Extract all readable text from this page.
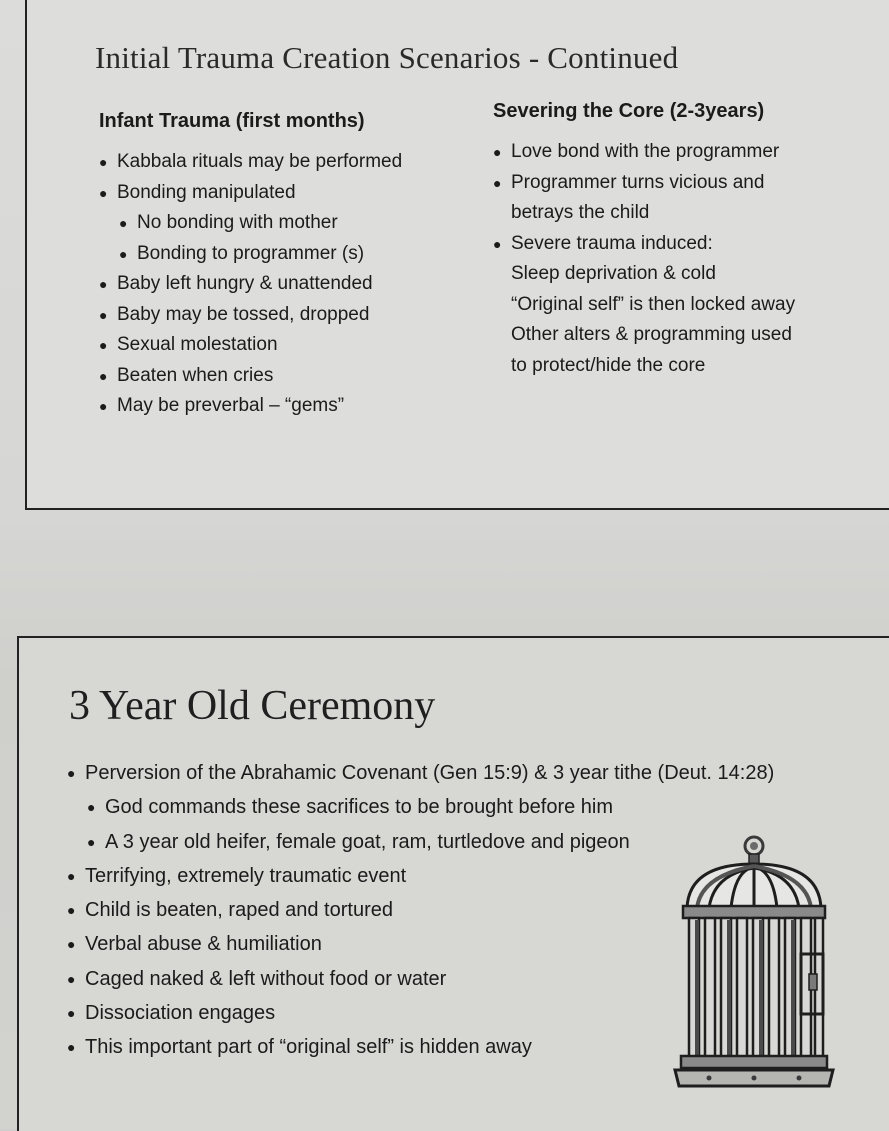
Initial Trauma Creation Scenarios - Continued
Infant Trauma (first months)
● Kabbala rituals may be performed
● Bonding manipulated
● No bonding with mother
● Bonding to programmer (s)
● Baby left hungry & unattended
● Baby may be tossed, dropped
● Sexual molestation
● Beaten when cries
● May be preverbal – “gems”
Severing the Core (2-3years)
● Love bond with the programmer
● Programmer turns vicious and
betrays the child
● Severe trauma induced:
Sleep deprivation & cold
“Original self” is then locked away
Other alters & programming used
to protect/hide the core
3 Year Old Ceremony
● Perversion of the Abrahamic Covenant (Gen 15:9) & 3 year tithe (Deut. 14:28)
● God commands these sacrifices to be brought before him
● A 3 year old heifer, female goat, ram, turtledove and pigeon
● Terrifying, extremely traumatic event
● Child is beaten, raped and tortured
● Verbal abuse & humiliation
● Caged naked & left without food or water
● Dissociation engages
● This important part of “original self” is hidden away
